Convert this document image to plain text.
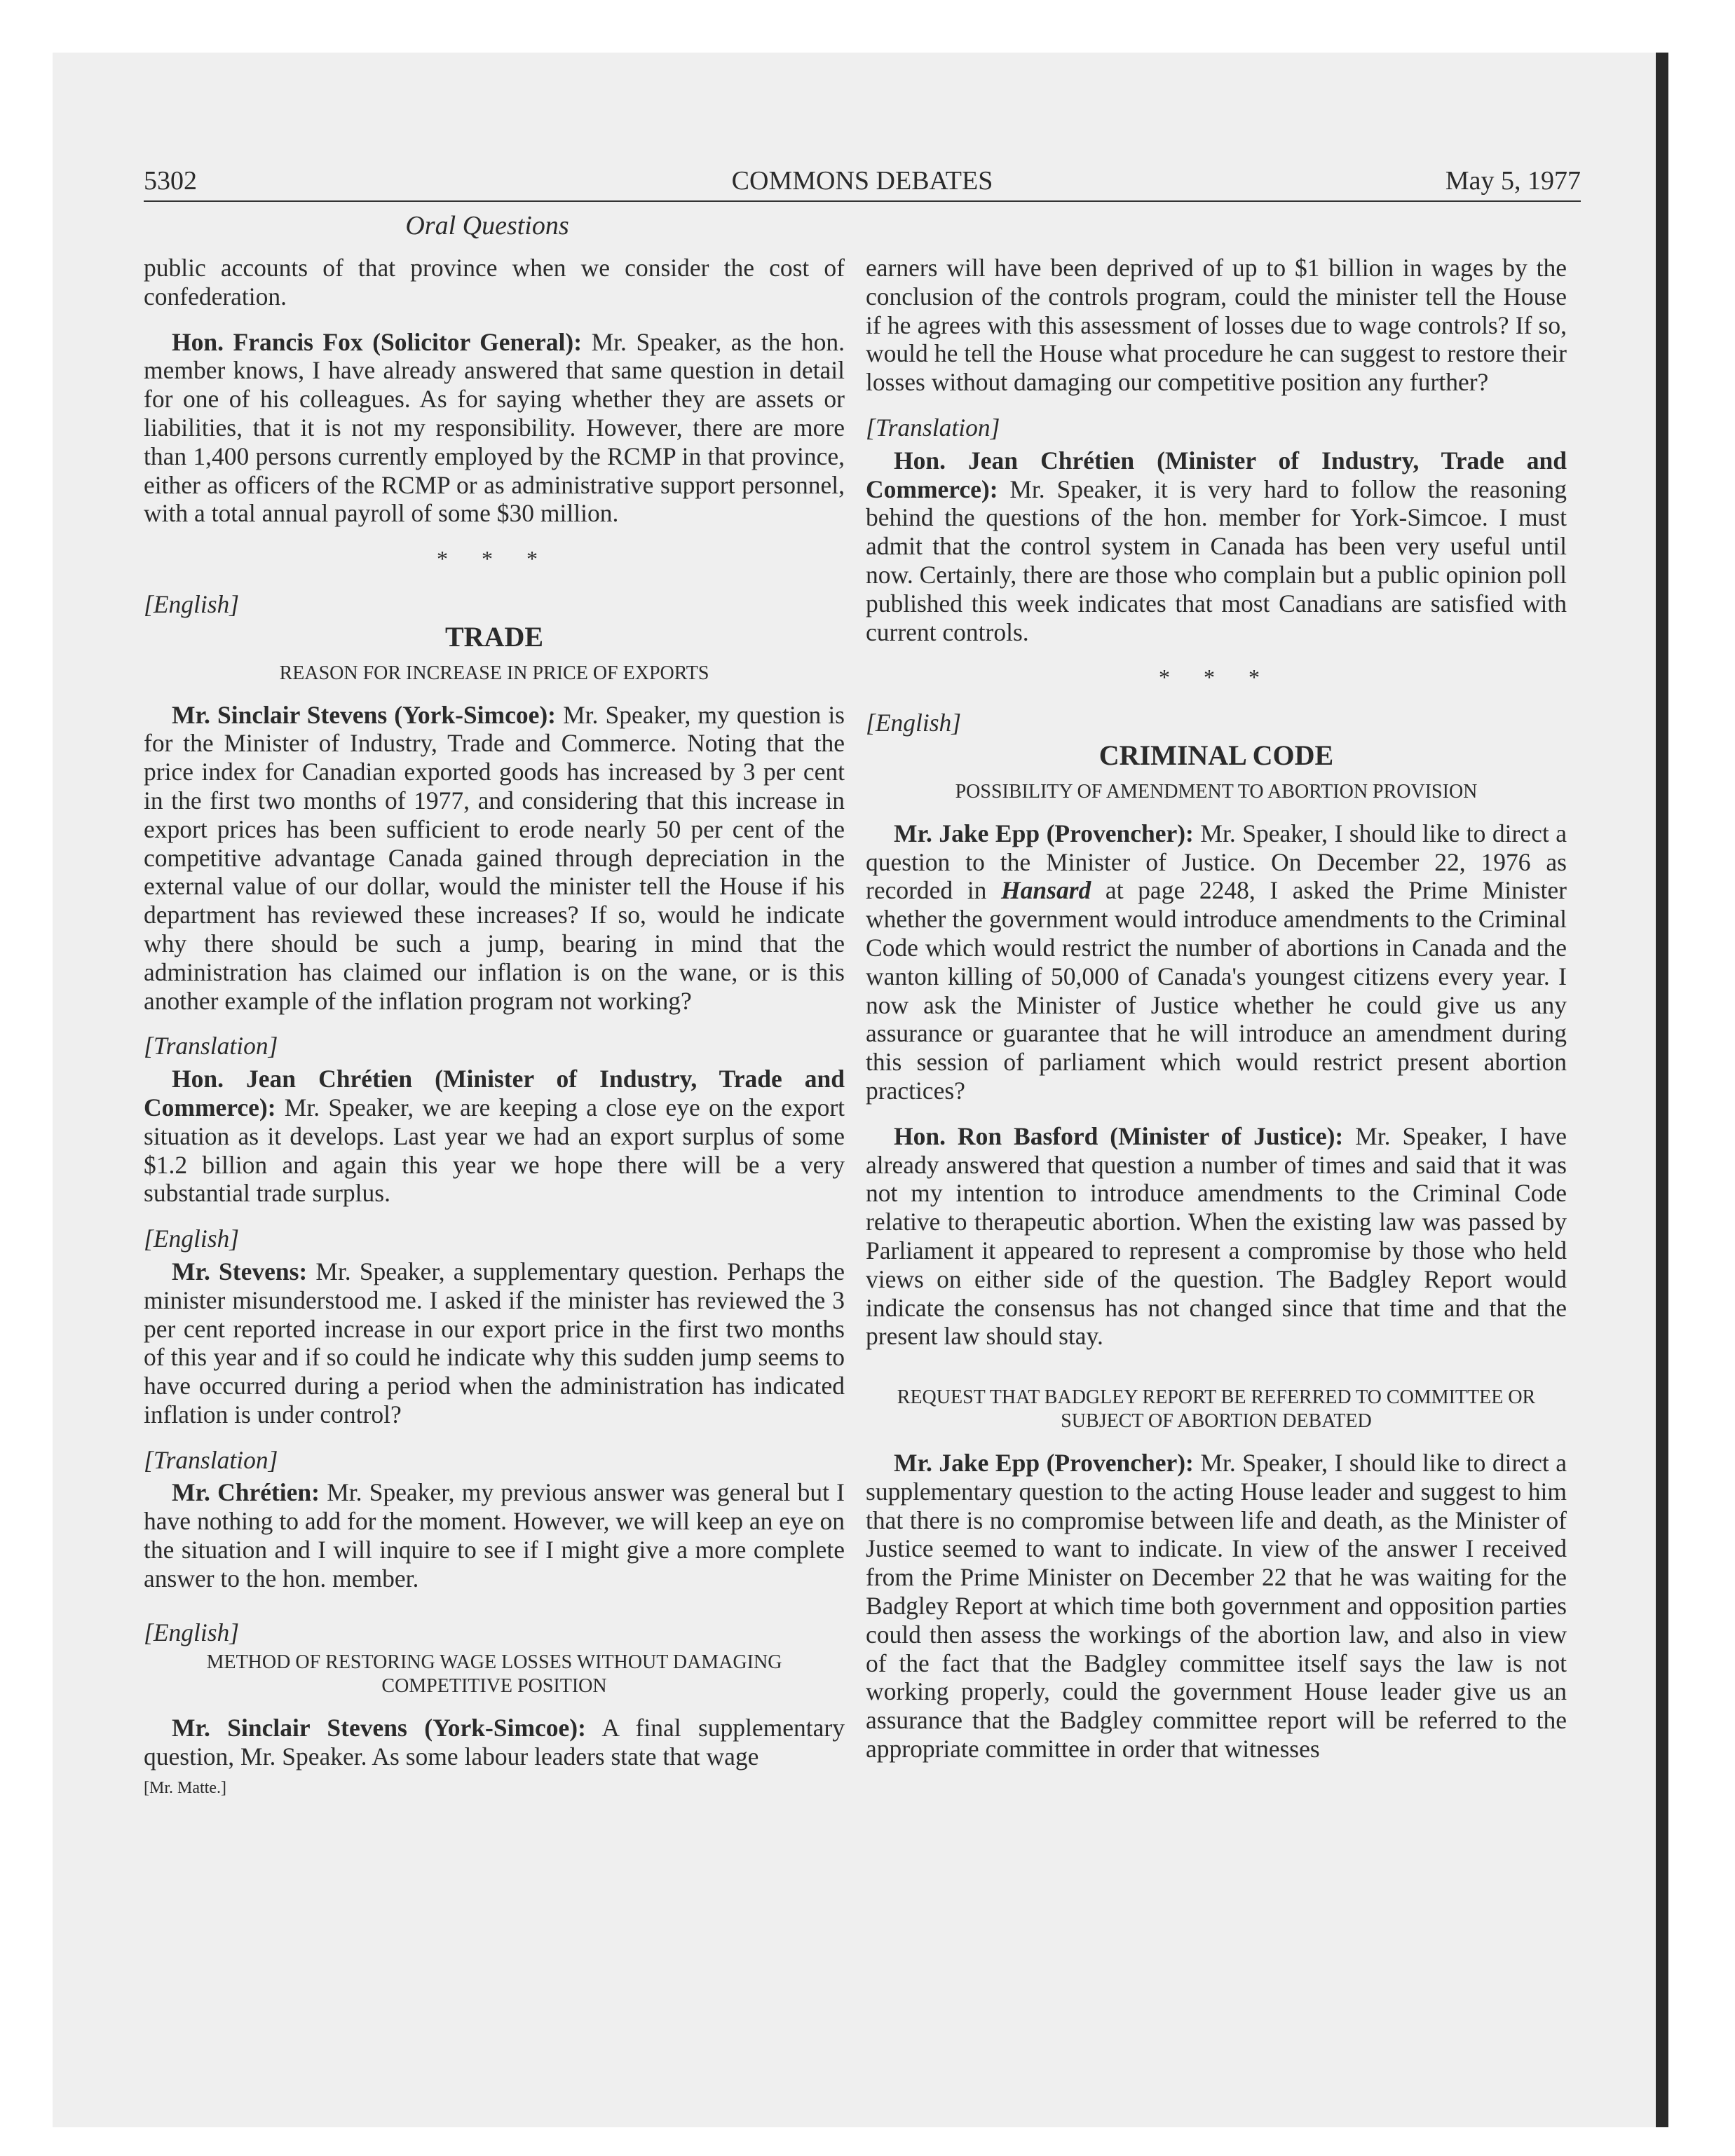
5302	COMMONS DEBATES	May 5, 1977
Oral Questions

public accounts of that province when we consider the cost of confederation.

Hon. Francis Fox (Solicitor General): Mr. Speaker, as the hon. member knows, I have already answered that same question in detail for one of his colleagues. As for saying whether they are assets or liabilities, that it is not my responsibility. However, there are more than 1,400 persons currently employed by the RCMP in that province, either as officers of the RCMP or as administrative support personnel, with a total annual payroll of some $30 million.

* * *

[English]

TRADE

REASON FOR INCREASE IN PRICE OF EXPORTS

Mr. Sinclair Stevens (York-Simcoe): Mr. Speaker, my question is for the Minister of Industry, Trade and Commerce. Noting that the price index for Canadian exported goods has increased by 3 per cent in the first two months of 1977, and considering that this increase in export prices has been sufficient to erode nearly 50 per cent of the competitive advantage Canada gained through depreciation in the external value of our dollar, would the minister tell the House if his department has reviewed these increases? If so, would he indicate why there should be such a jump, bearing in mind that the administration has claimed our inflation is on the wane, or is this another example of the inflation program not working?

[Translation]

Hon. Jean Chrétien (Minister of Industry, Trade and Commerce): Mr. Speaker, we are keeping a close eye on the export situation as it develops. Last year we had an export surplus of some $1.2 billion and again this year we hope there will be a very substantial trade surplus.

[English]

Mr. Stevens: Mr. Speaker, a supplementary question. Perhaps the minister misunderstood me. I asked if the minister has reviewed the 3 per cent reported increase in our export price in the first two months of this year and if so could he indicate why this sudden jump seems to have occurred during a period when the administration has indicated inflation is under control?

[Translation]

Mr. Chrétien: Mr. Speaker, my previous answer was general but I have nothing to add for the moment. However, we will keep an eye on the situation and I will inquire to see if I might give a more complete answer to the hon. member.

[English]

METHOD OF RESTORING WAGE LOSSES WITHOUT DAMAGING COMPETITIVE POSITION

Mr. Sinclair Stevens (York-Simcoe): A final supplementary question, Mr. Speaker. As some labour leaders state that wage

[Mr. Matte.]

earners will have been deprived of up to $1 billion in wages by the conclusion of the controls program, could the minister tell the House if he agrees with this assessment of losses due to wage controls? If so, would he tell the House what procedure he can suggest to restore their losses without damaging our competitive position any further?

[Translation]

Hon. Jean Chrétien (Minister of Industry, Trade and Commerce): Mr. Speaker, it is very hard to follow the reasoning behind the questions of the hon. member for York-Simcoe. I must admit that the control system in Canada has been very useful until now. Certainly, there are those who complain but a public opinion poll published this week indicates that most Canadians are satisfied with current controls.

* * *

[English]

CRIMINAL CODE

POSSIBILITY OF AMENDMENT TO ABORTION PROVISION

Mr. Jake Epp (Provencher): Mr. Speaker, I should like to direct a question to the Minister of Justice. On December 22, 1976 as recorded in Hansard at page 2248, I asked the Prime Minister whether the government would introduce amendments to the Criminal Code which would restrict the number of abortions in Canada and the wanton killing of 50,000 of Canada's youngest citizens every year. I now ask the Minister of Justice whether he could give us any assurance or guarantee that he will introduce an amendment during this session of parliament which would restrict present abortion practices?

Hon. Ron Basford (Minister of Justice): Mr. Speaker, I have already answered that question a number of times and said that it was not my intention to introduce amendments to the Criminal Code relative to therapeutic abortion. When the existing law was passed by Parliament it appeared to represent a compromise by those who held views on either side of the question. The Badgley Report would indicate the consensus has not changed since that time and that the present law should stay.

REQUEST THAT BADGLEY REPORT BE REFERRED TO COMMITTEE OR SUBJECT OF ABORTION DEBATED

Mr. Jake Epp (Provencher): Mr. Speaker, I should like to direct a supplementary question to the acting House leader and suggest to him that there is no compromise between life and death, as the Minister of Justice seemed to want to indicate. In view of the answer I received from the Prime Minister on December 22 that he was waiting for the Badgley Report at which time both government and opposition parties could then assess the workings of the abortion law, and also in view of the fact that the Badgley committee itself says the law is not working properly, could the government House leader give us an assurance that the Badgley committee report will be referred to the appropriate committee in order that witnesses
